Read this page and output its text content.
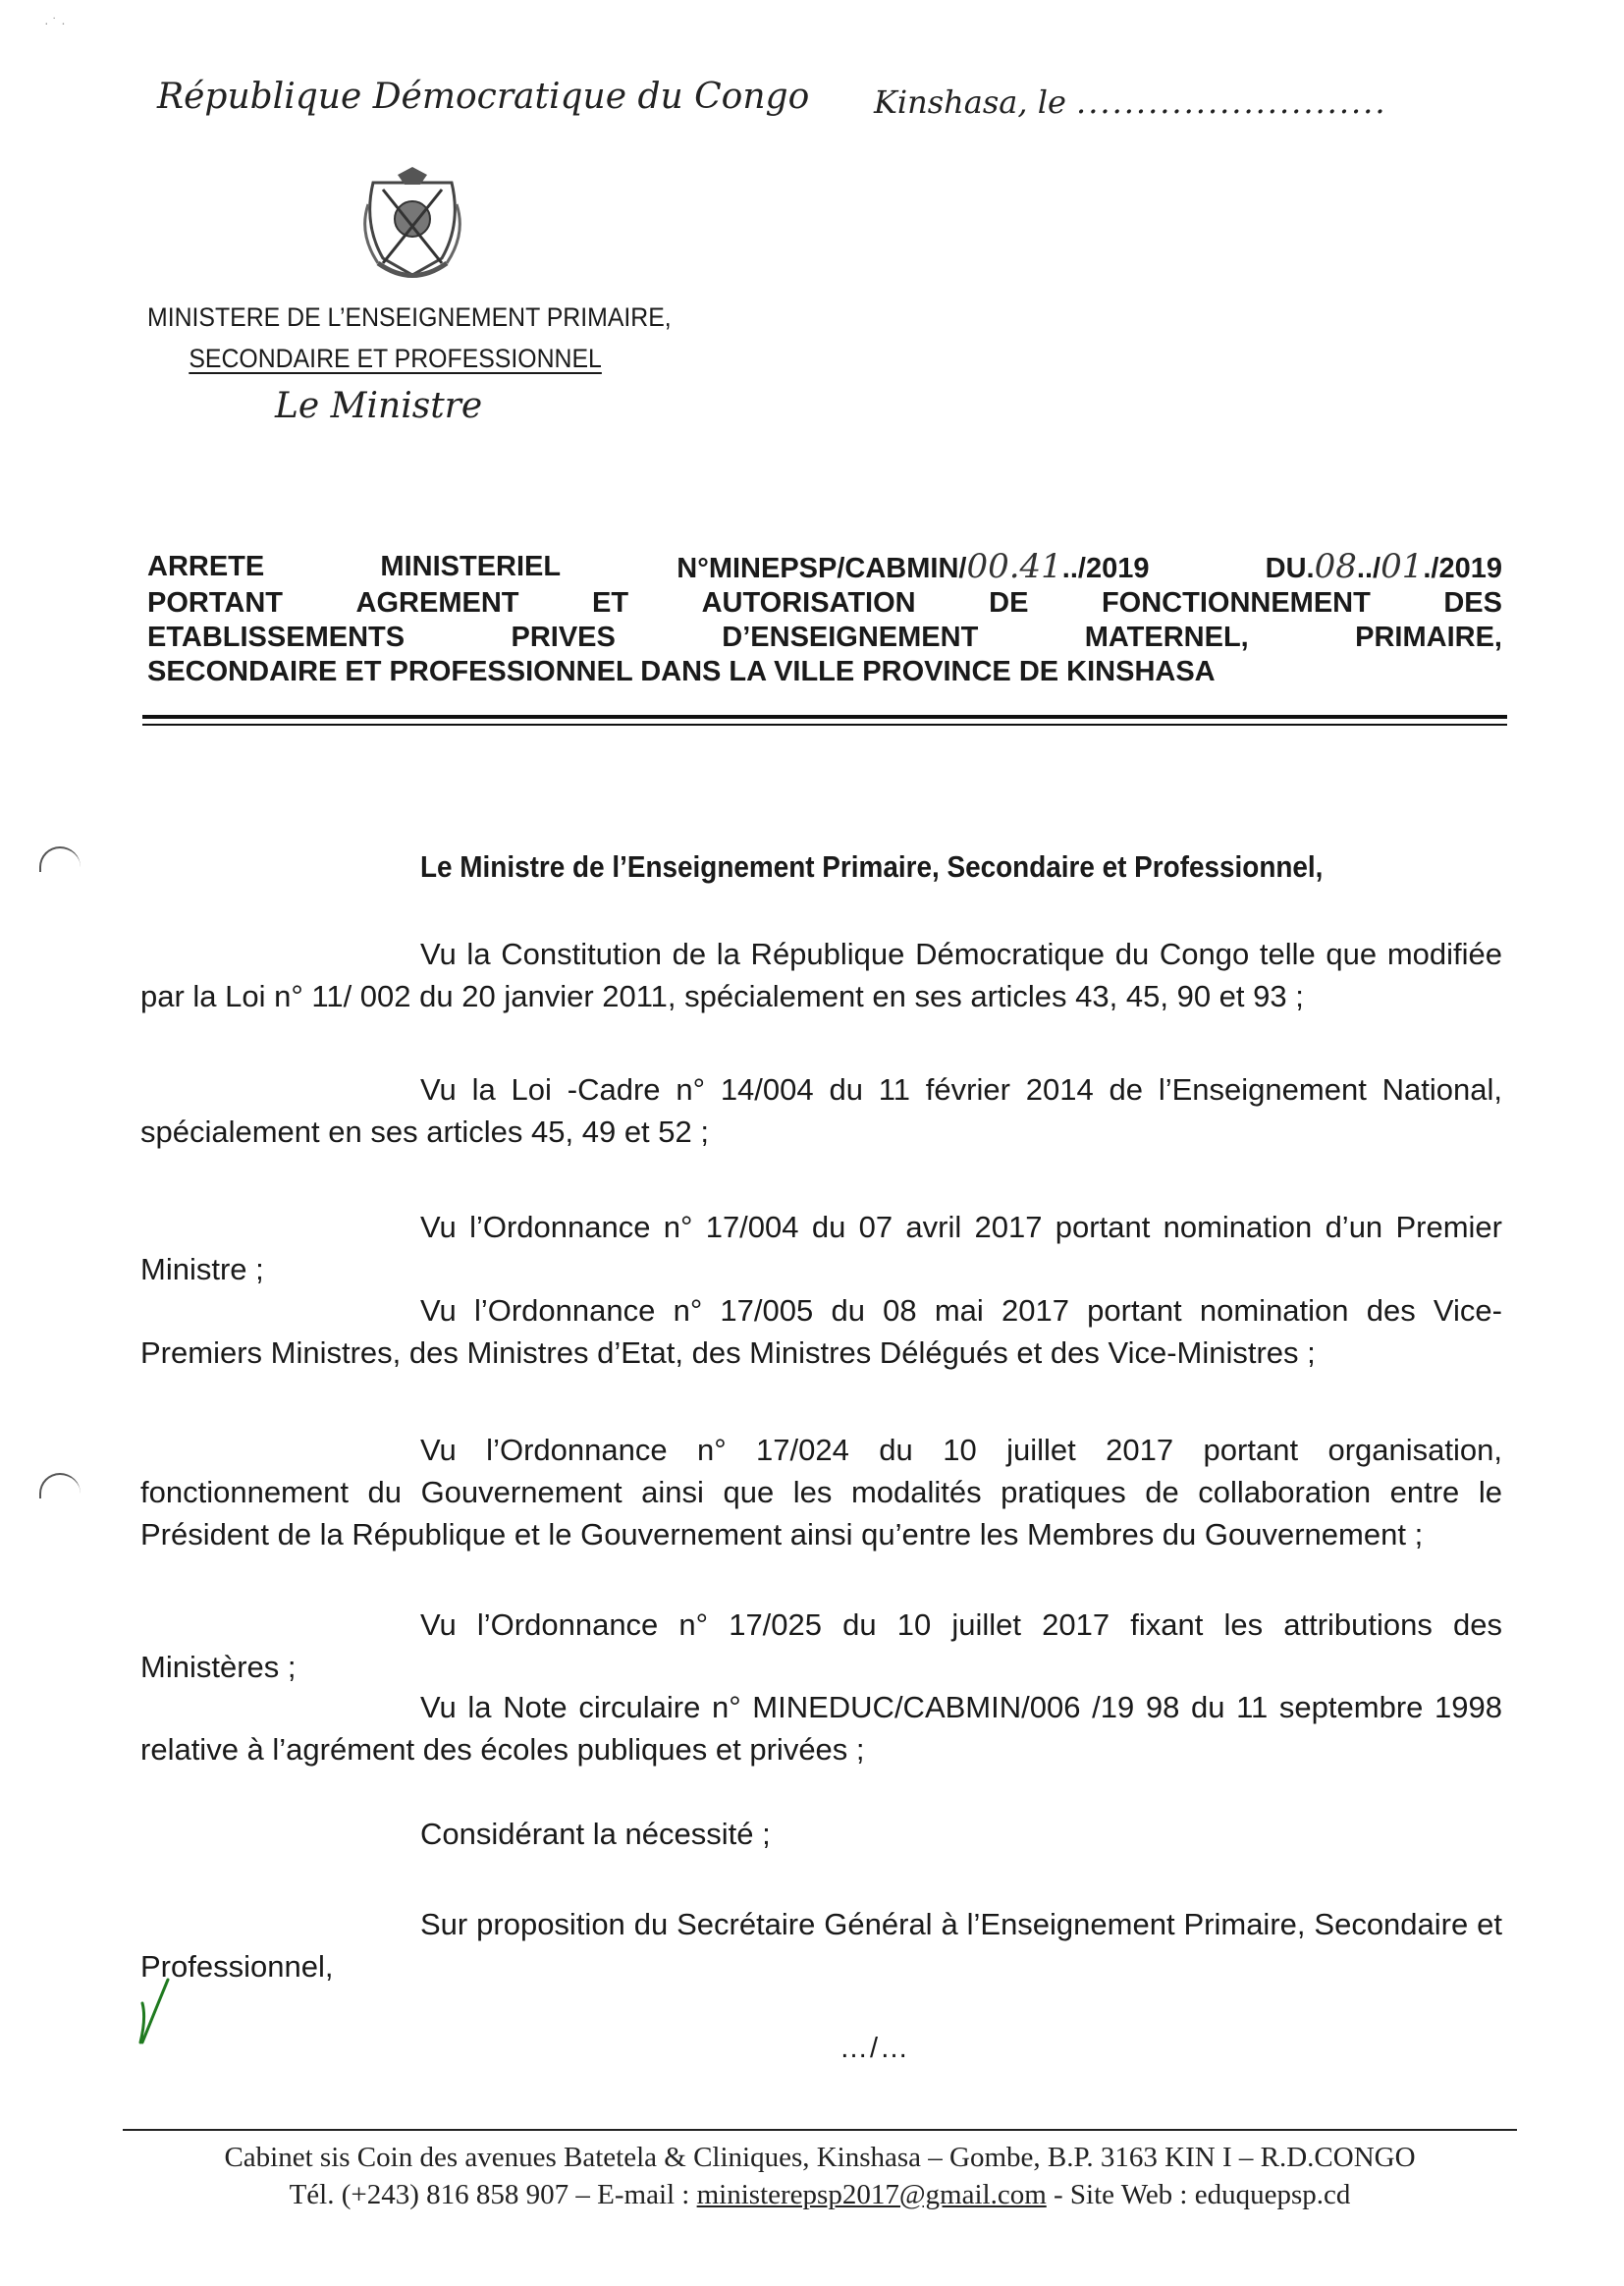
· ˙ ·
République Démocratique du Congo Kinshasa, le ..........................
MINISTERE DE L’ENSEIGNEMENT PRIMAIRE,
SECONDAIRE ET PROFESSIONNEL
Le Ministre
ARRETE	MINISTERIEL	N°MINEPSP/CABMIN/00.41../2019	DU.08../01./2019
PORTANT	AGREMENT	ET	AUTORISATION	DE	FONCTIONNEMENT	DES
ETABLISSEMENTS	PRIVES	D’ENSEIGNEMENT	MATERNEL,	PRIMAIRE,
SECONDAIRE ET PROFESSIONNEL DANS LA VILLE PROVINCE DE KINSHASA
Le Ministre de l’Enseignement Primaire, Secondaire et Professionnel,

Vu la Constitution de la République Démocratique du Congo telle que modifiée par la Loi n° 11/ 002 du 20 janvier 2011, spécialement en ses articles 43, 45, 90 et 93 ;

Vu la Loi -Cadre n° 14/004 du 11 février 2014 de l’Enseignement National, spécialement en ses articles 45, 49 et 52 ;

Vu l’Ordonnance n° 17/004 du 07 avril 2017 portant nomination d’un Premier Ministre ;

Vu l’Ordonnance n° 17/005 du 08 mai 2017 portant nomination des Vice-Premiers Ministres, des Ministres d’Etat, des Ministres Délégués et des Vice-Ministres ;

Vu l’Ordonnance n° 17/024 du 10 juillet 2017 portant organisation, fonctionnement du Gouvernement ainsi que les modalités pratiques de collaboration entre le Président de la République et le Gouvernement ainsi qu’entre les Membres du Gouvernement ;

Vu l’Ordonnance n° 17/025 du 10 juillet 2017 fixant les attributions des Ministères ;

Vu la Note circulaire n° MINEDUC/CABMIN/006 /19 98 du 11 septembre 1998 relative à l’agrément des écoles publiques et privées ;

Considérant la nécessité ;

Sur proposition du Secrétaire Général à l’Enseignement Primaire, Secondaire et Professionnel,

…/…
Cabinet sis Coin des avenues Batetela & Cliniques, Kinshasa – Gombe, B.P. 3163 KIN I – R.D.CONGO
Tél. (+243) 816 858 907 – E-mail : ministerepsp2017@gmail.com - Site Web : eduquepsp.cd
